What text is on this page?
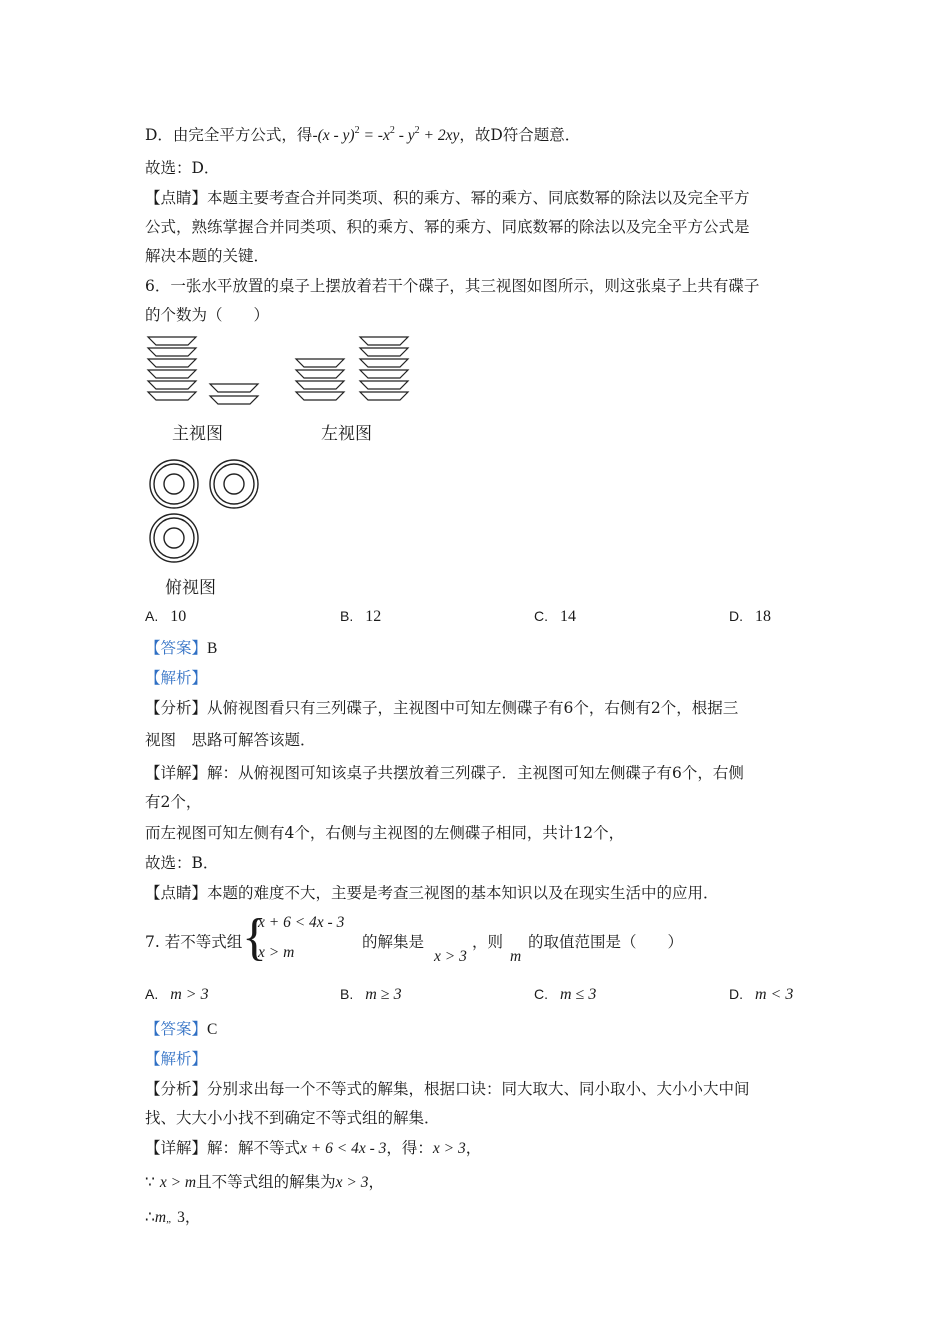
D．由完全平方公式，得$-(x - y)^2 = -x^2 - y^2 + 2xy$，故D符合题意．
故选：D．
【点睛】本题主要考查合并同类项、积的乘方、幂的乘方、同底数幂的除法以及完全平方
公式，熟练掌握合并同类项、积的乘方、幂的乘方、同底数幂的除法以及完全平方公式是
解决本题的关键．
6．一张水平放置的桌子上摆放着若干个碟子，其三视图如图所示，则这张桌子上共有碟子
的个数为（　　）
主视图	左视图
俯视图
A. 10	B. 12	C. 14	D. 18
【答案】B
【解析】
【分析】从俯视图看只有三列碟子，主视图中可知左侧碟子有6个，右侧有2个，根据三
视图　思路可解答该题．
【详解】解：从俯视图可知该桌子共摆放着三列碟子．主视图可知左侧碟子有6个，右侧
有2个，
而左视图可知左侧有4个，右侧与主视图的左侧碟子相同，共计12个，
故选：B．
【点睛】本题的难度不大，主要是考查三视图的基本知识以及在现实生活中的应用．
7. 若不等式组 {
x + 6 < 4x - 3
x > m
的解集是
x > 3
，则
m
的取值范围是（　　）
A. m > 3	B. m ≥ 3	C. m ≤ 3	D. m < 3
【答案】C
【解析】
【分析】分别求出每一个不等式的解集，根据口诀：同大取大、同小取小、大小小大中间
找、大大小小找不到确定不等式组的解集．
【详解】解：解不等式x + 6 < 4x - 3，得：x > 3，
∵ x > m且不等式组的解集为x > 3，
∴m„ 3，
